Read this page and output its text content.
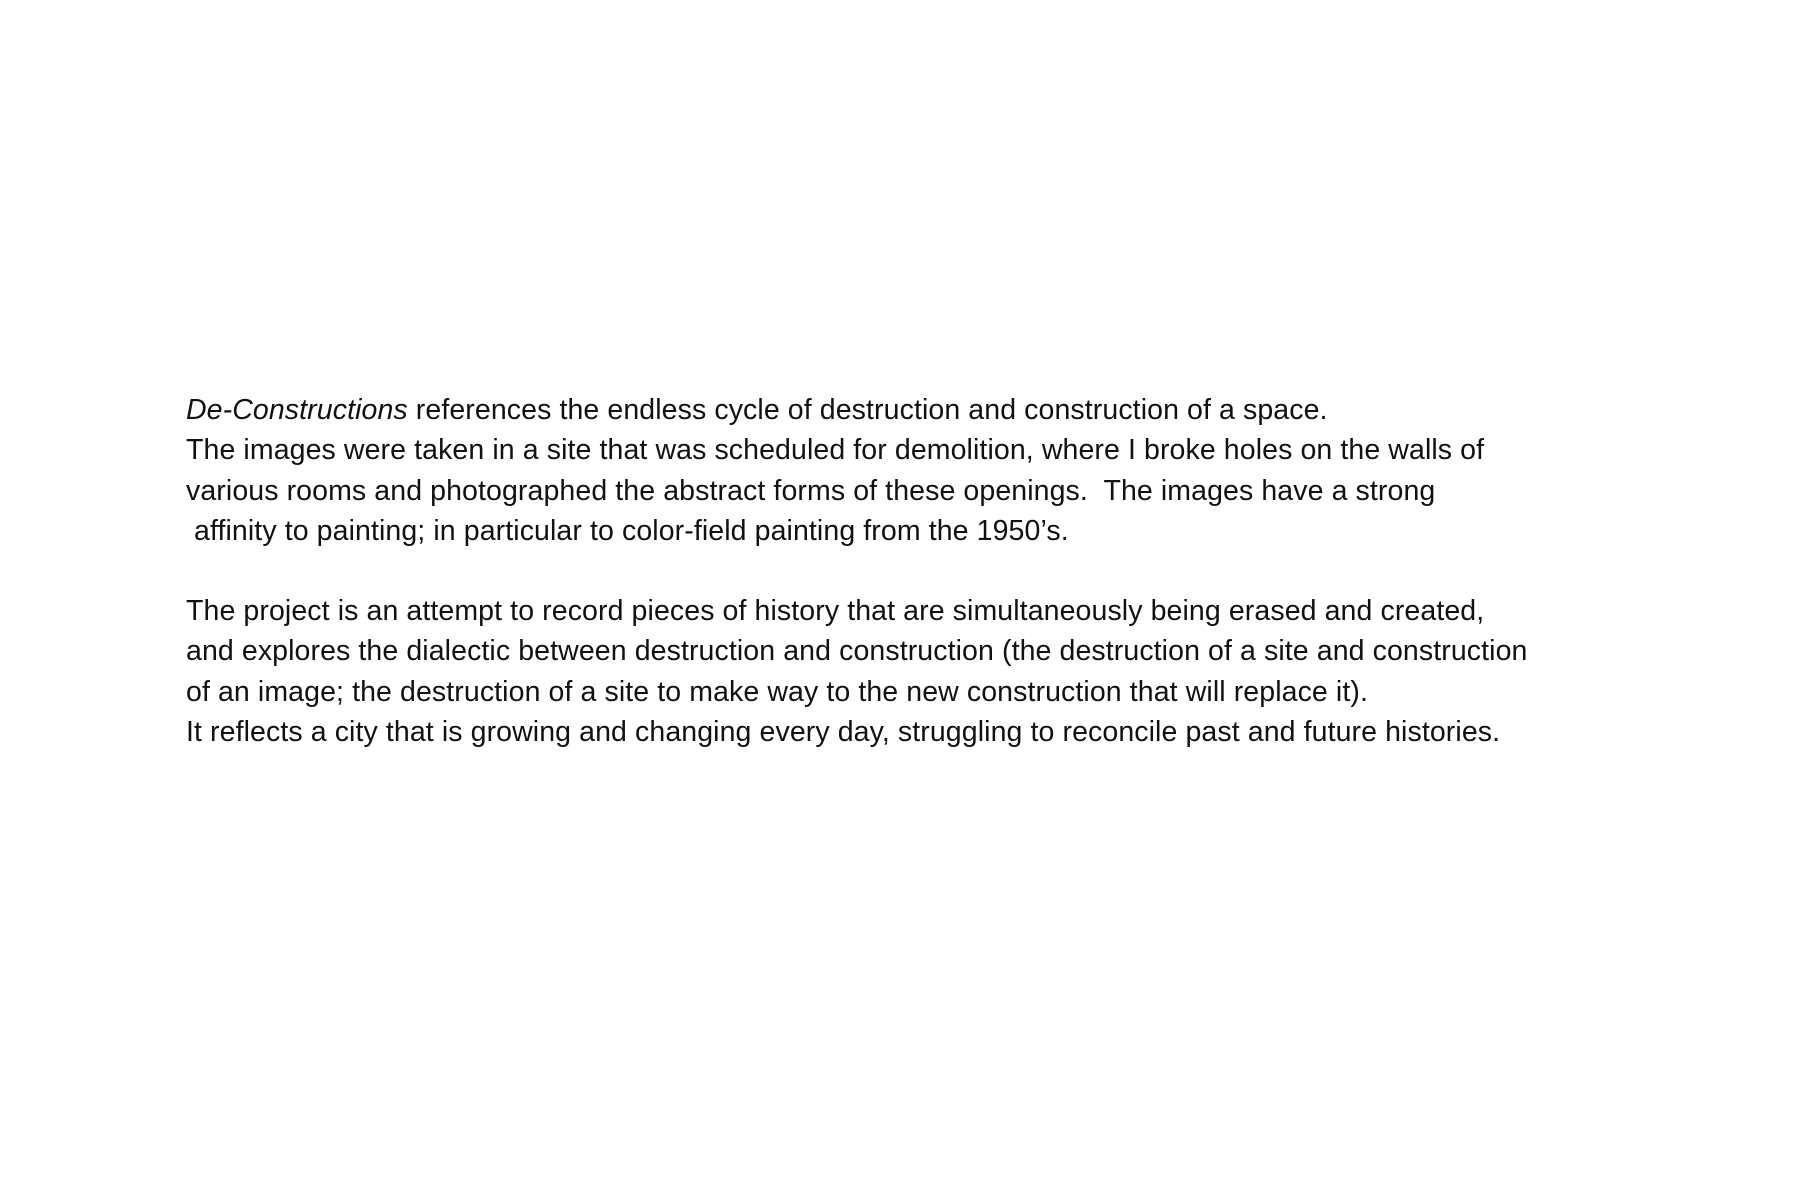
De-Constructions references the endless cycle of destruction and construction of a space.
The images were taken in a site that was scheduled for demolition, where I broke holes on the walls of
various rooms and photographed the abstract forms of these openings.  The images have a strong
affinity to painting; in particular to color-field painting from the 1950’s.
The project is an attempt to record pieces of history that are simultaneously being erased and created,
and explores the dialectic between destruction and construction (the destruction of a site and construction
of an image; the destruction of a site to make way to the new construction that will replace it).
It reflects a city that is growing and changing every day, struggling to reconcile past and future histories.
